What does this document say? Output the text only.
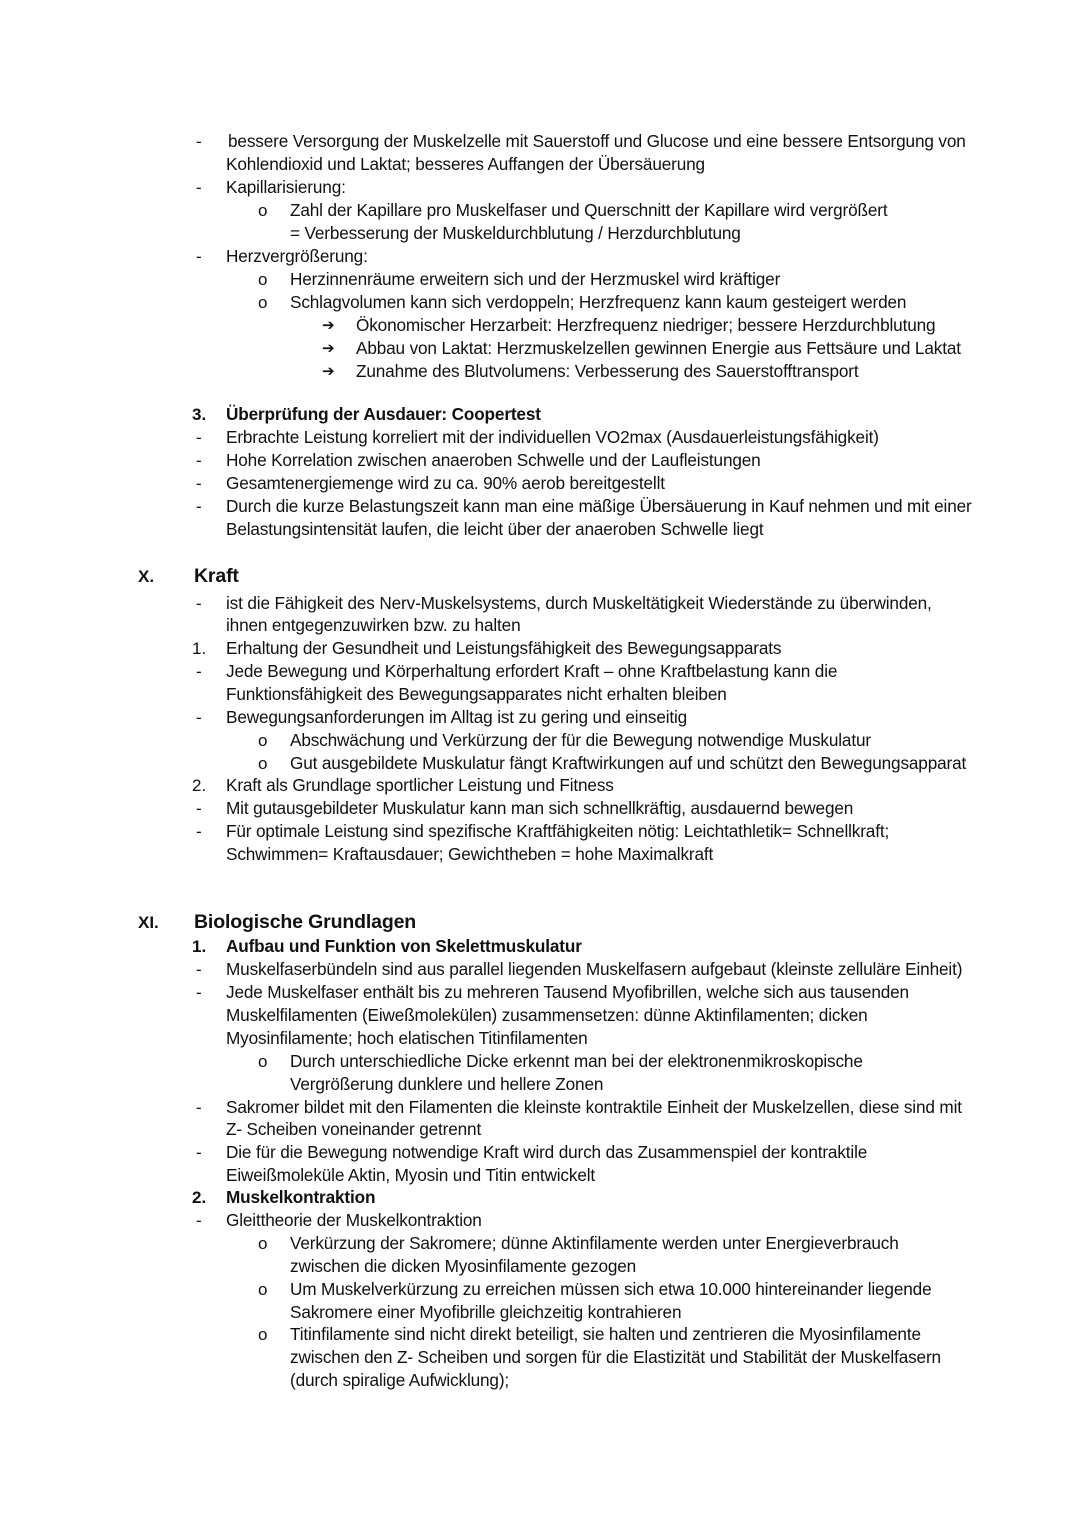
- bessere Versorgung der Muskelzelle mit Sauerstoff und Glucose und eine bessere Entsorgung von
Kohlendioxid und Laktat; besseres Auffangen der Übersäuerung
- Kapillarisierung:
o Zahl der Kapillare pro Muskelfaser und Querschnitt der Kapillare wird vergrößert
= Verbesserung der Muskeldurchblutung / Herzdurchblutung
- Herzvergrößerung:
o Herzinnenräume erweitern sich und der Herzmuskel wird kräftiger
o Schlagvolumen kann sich verdoppeln; Herzfrequenz kann kaum gesteigert werden
➔ Ökonomischer Herzarbeit: Herzfrequenz niedriger; bessere Herzdurchblutung
➔ Abbau von Laktat: Herzmuskelzellen gewinnen Energie aus Fettsäure und Laktat
➔ Zunahme des Blutvolumens: Verbesserung des Sauerstofftransport
3. Überprüfung der Ausdauer: Coopertest
- Erbrachte Leistung korreliert mit der individuellen VO2max (Ausdauerleistungsfähigkeit)
- Hohe Korrelation zwischen anaeroben Schwelle und der Laufleistungen
- Gesamtenergiemenge wird zu ca. 90% aerob bereitgestellt
- Durch die kurze Belastungszeit kann man eine mäßige Übersäuerung in Kauf nehmen und mit einer
Belastungsintensität laufen, die leicht über der anaeroben Schwelle liegt
X. Kraft
- ist die Fähigkeit des Nerv-Muskelsystems, durch Muskeltätigkeit Wiederstände zu überwinden,
ihnen entgegenzuwirken bzw. zu halten
1. Erhaltung der Gesundheit und Leistungsfähigkeit des Bewegungsapparats
- Jede Bewegung und Körperhaltung erfordert Kraft – ohne Kraftbelastung kann die
Funktionsfähigkeit des Bewegungsapparates nicht erhalten bleiben
- Bewegungsanforderungen im Alltag ist zu gering und einseitig
o Abschwächung und Verkürzung der für die Bewegung notwendige Muskulatur
o Gut ausgebildete Muskulatur fängt Kraftwirkungen auf und schützt den Bewegungsapparat
2. Kraft als Grundlage sportlicher Leistung und Fitness
- Mit gutausgebildeter Muskulatur kann man sich schnellkräftig, ausdauernd bewegen
- Für optimale Leistung sind spezifische Kraftfähigkeiten nötig: Leichtathletik= Schnellkraft;
Schwimmen= Kraftausdauer; Gewichtheben = hohe Maximalkraft
XI. Biologische Grundlagen
1. Aufbau und Funktion von Skelettmuskulatur
- Muskelfaserbündeln sind aus parallel liegenden Muskelfasern aufgebaut (kleinste zelluläre Einheit)
- Jede Muskelfaser enthält bis zu mehreren Tausend Myofibrillen, welche sich aus tausenden
Muskelfilamenten (Eiweßmolekülen) zusammensetzen: dünne Aktinfilamenten; dicken
Myosinfilamente; hoch elatischen Titinfilamenten
o Durch unterschiedliche Dicke erkennt man bei der elektronenmikroskopische
Vergrößerung dunklere und hellere Zonen
- Sakromer bildet mit den Filamenten die kleinste kontraktile Einheit der Muskelzellen, diese sind mit
Z- Scheiben voneinander getrennt
- Die für die Bewegung notwendige Kraft wird durch das Zusammenspiel der kontraktile
Eiweißmoleküle Aktin, Myosin und Titin entwickelt
2. Muskelkontraktion
- Gleittheorie der Muskelkontraktion
o Verkürzung der Sakromere; dünne Aktinfilamente werden unter Energieverbrauch
zwischen die dicken Myosinfilamente gezogen
o Um Muskelverkürzung zu erreichen müssen sich etwa 10.000 hintereinander liegende
Sakromere einer Myofibrille gleichzeitig kontrahieren
o Titinfilamente sind nicht direkt beteiligt, sie halten und zentrieren die Myosinfilamente
zwischen den Z- Scheiben und sorgen für die Elastizität und Stabilität der Muskelfasern
(durch spiralige Aufwicklung);
